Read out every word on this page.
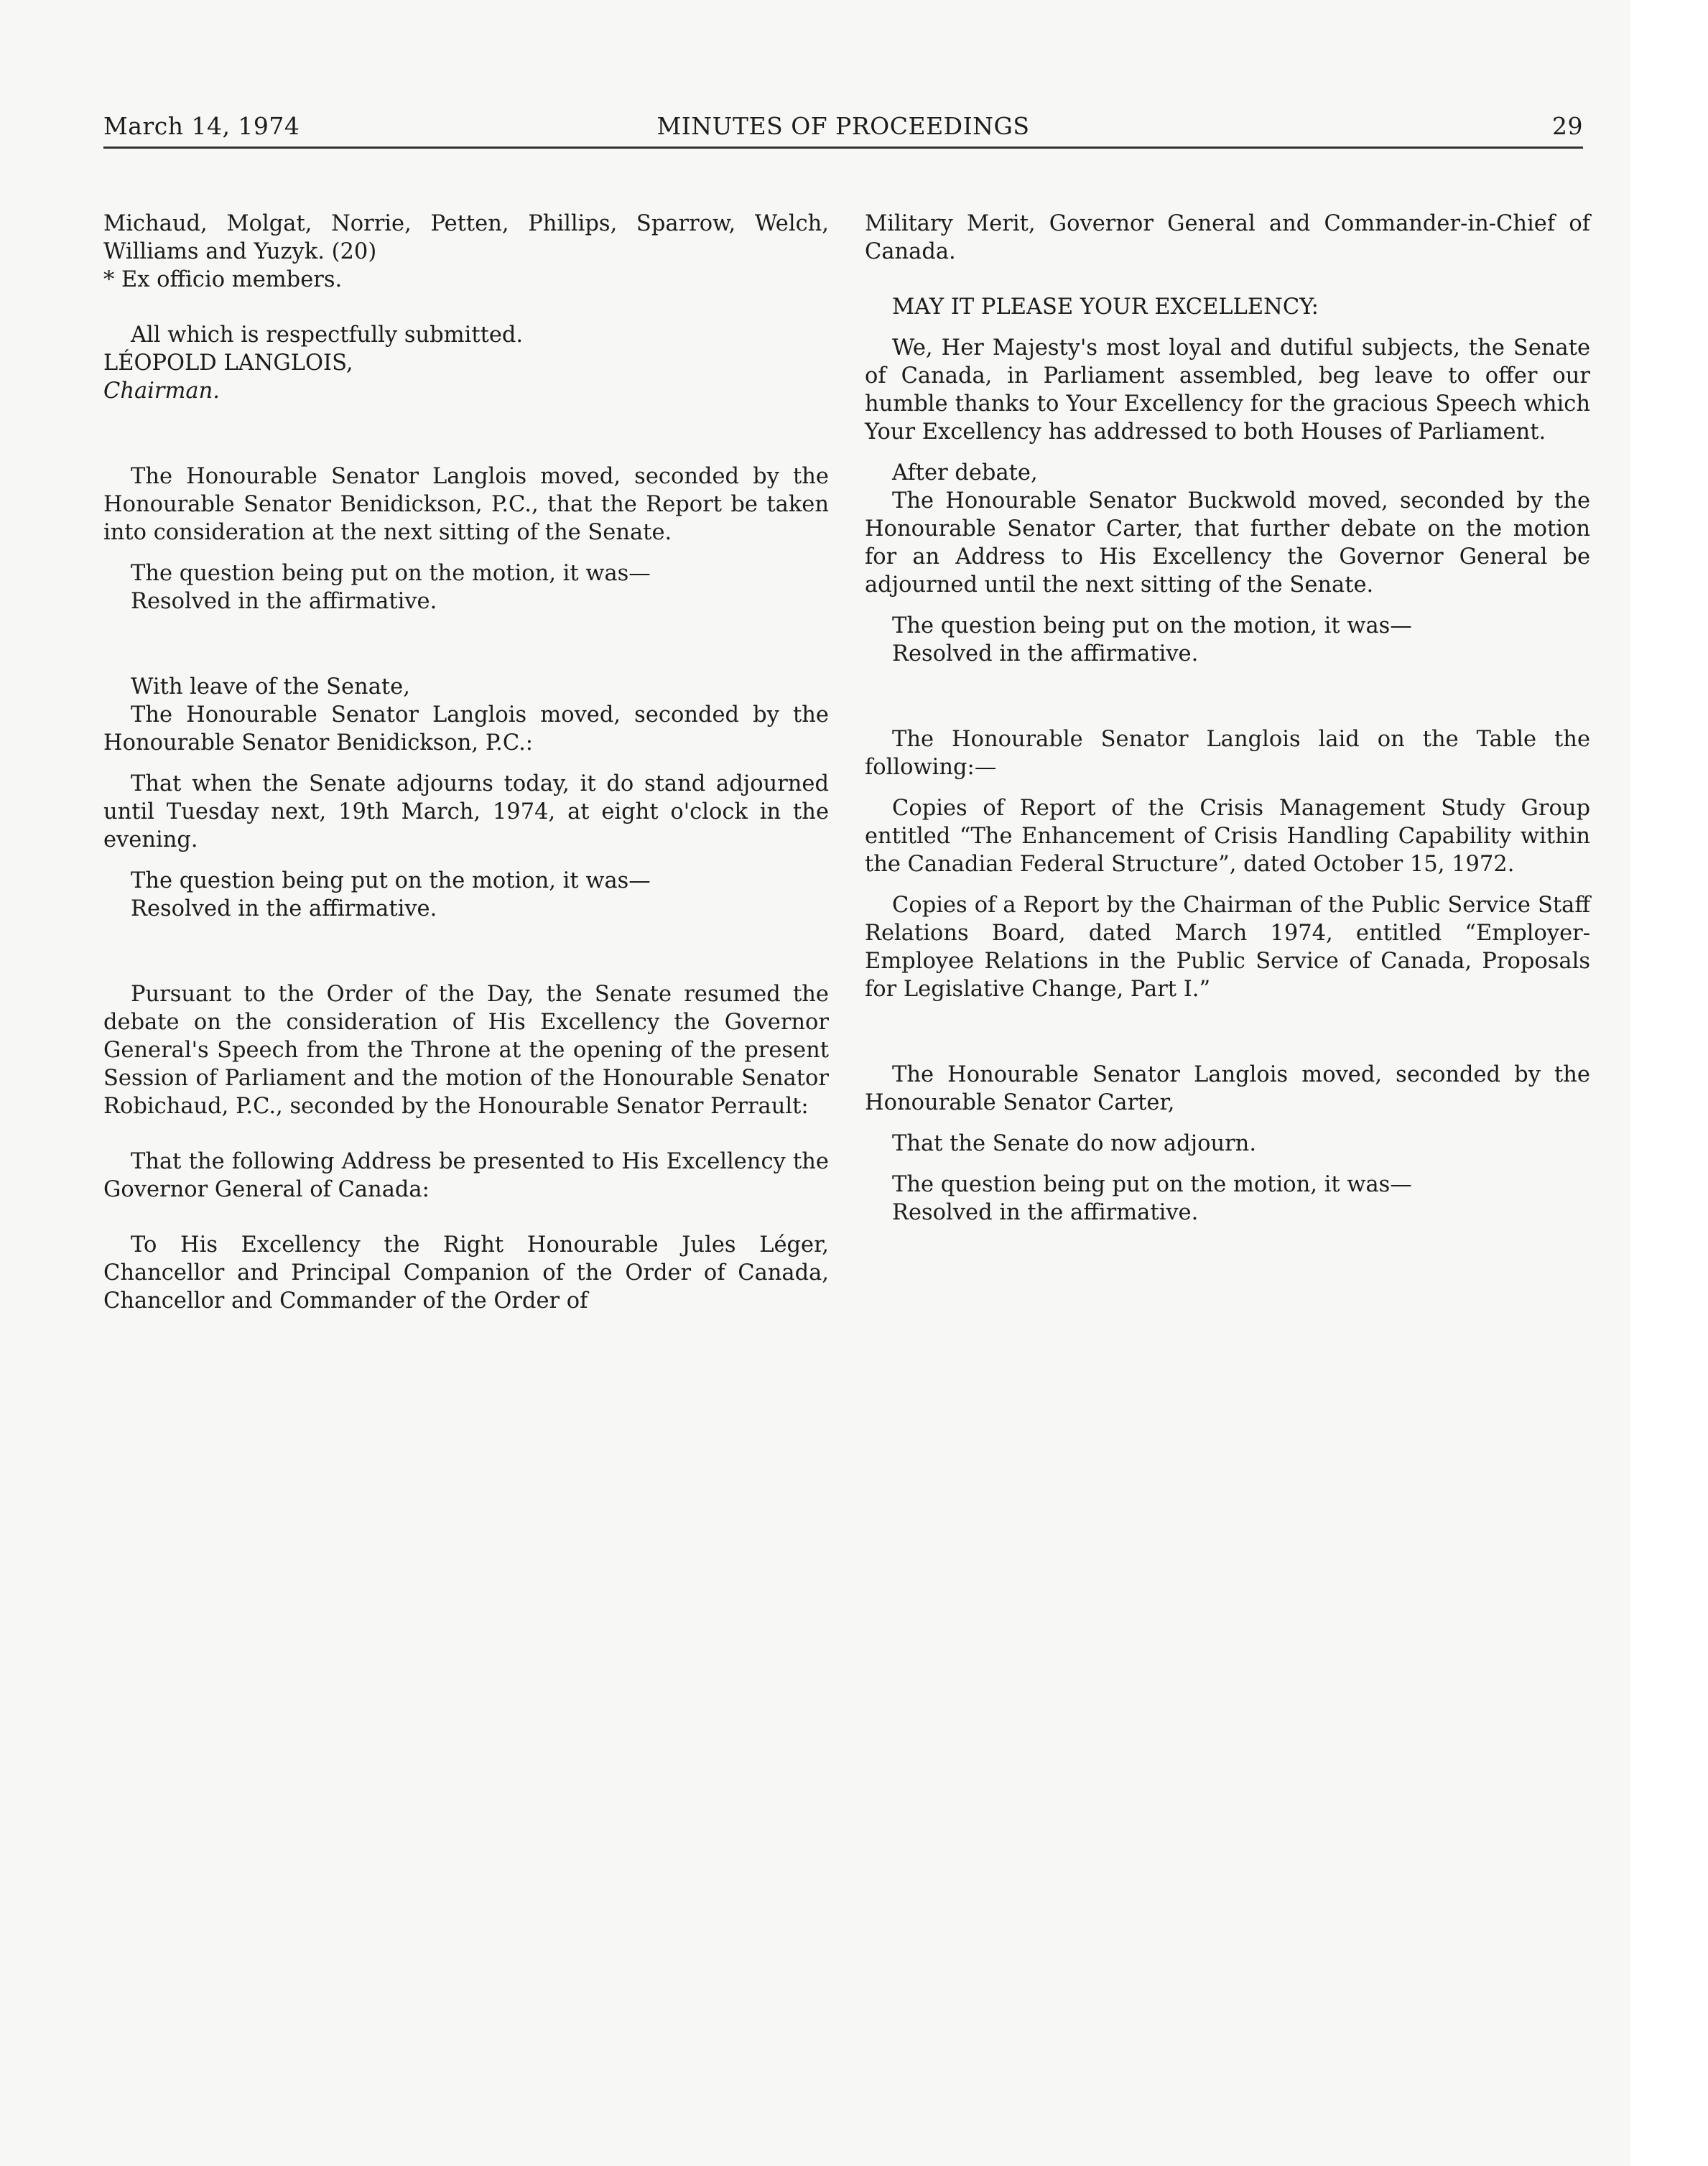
March 14, 1974	MINUTES OF PROCEEDINGS	29

Michaud, Molgat, Norrie, Petten, Phillips, Sparrow, Welch, Williams and Yuzyk. (20)

* Ex officio members.

All which is respectfully submitted.

LÉOPOLD LANGLOIS,

Chairman.

The Honourable Senator Langlois moved, seconded by the Honourable Senator Benidickson, P.C., that the Report be taken into consideration at the next sitting of the Senate.

The question being put on the motion, it was—

Resolved in the affirmative.

With leave of the Senate,

The Honourable Senator Langlois moved, seconded by the Honourable Senator Benidickson, P.C.:

That when the Senate adjourns today, it do stand adjourned until Tuesday next, 19th March, 1974, at eight o'clock in the evening.

The question being put on the motion, it was—

Resolved in the affirmative.

Pursuant to the Order of the Day, the Senate resumed the debate on the consideration of His Excellency the Governor General's Speech from the Throne at the opening of the present Session of Parliament and the motion of the Honourable Senator Robichaud, P.C., seconded by the Honourable Senator Perrault:

That the following Address be presented to His Excellency the Governor General of Canada:

To His Excellency the Right Honourable Jules Léger, Chancellor and Principal Companion of the Order of Canada, Chancellor and Commander of the Order of

Military Merit, Governor General and Commander-in-Chief of Canada.

MAY IT PLEASE YOUR EXCELLENCY:

We, Her Majesty's most loyal and dutiful subjects, the Senate of Canada, in Parliament assembled, beg leave to offer our humble thanks to Your Excellency for the gracious Speech which Your Excellency has addressed to both Houses of Parliament.

After debate,

The Honourable Senator Buckwold moved, seconded by the Honourable Senator Carter, that further debate on the motion for an Address to His Excellency the Governor General be adjourned until the next sitting of the Senate.

The question being put on the motion, it was—

Resolved in the affirmative.

The Honourable Senator Langlois laid on the Table the following:—

Copies of Report of the Crisis Management Study Group entitled “The Enhancement of Crisis Handling Capability within the Canadian Federal Structure”, dated October 15, 1972.

Copies of a Report by the Chairman of the Public Service Staff Relations Board, dated March 1974, entitled “Employer-Employee Relations in the Public Service of Canada, Proposals for Legislative Change, Part I.”

The Honourable Senator Langlois moved, seconded by the Honourable Senator Carter,

That the Senate do now adjourn.

The question being put on the motion, it was—

Resolved in the affirmative.
